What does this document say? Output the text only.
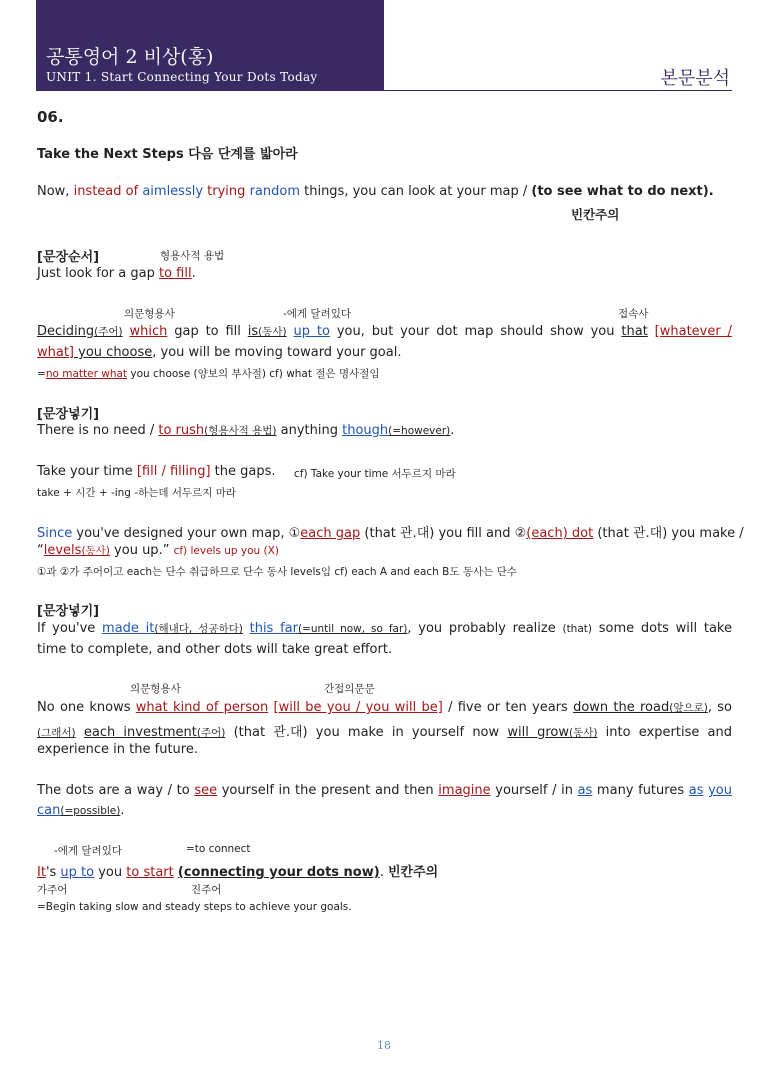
공통영어 2 비상(홍)
UNIT 1. Start Connecting Your Dots Today	본문분석
06.
Take the Next Steps 다음 단계를 밟아라
Now, instead of aimlessly trying random things, you can look at your map / (to see what to do next).
빈칸주의
[문장순서]	형용사적 용법
Just look for a gap to fill.
의문형용사	-에게 달려있다	접속사
Deciding(주어) which gap to fill is(동사) up to you, but your dot map should show you that [whatever /
what] you choose, you will be moving toward your goal.
=no matter what you choose (양보의 부사절) cf) what 절은 명사절임
[문장넣기]
There is no need / to rush(형용사적 용법) anything though(=however).
Take your time [fill / filling] the gaps.	cf) Take your time 서두르지 마라
take + 시간 + -ing -하는데 서두르지 마라
Since you've designed your own map, ①each gap (that 관.대) you fill and ②(each) dot (that 관.대) you make /
“levels(동사) you up.” cf) levels up you (X)
①과 ②가 주어이고 each는 단수 취급하므로 단수 동사 levels임 cf) each A and each B도 동사는 단수
[문장넣기]
If you've made it(해내다, 성공하다) this far(=until now, so far), you probably realize (that) some dots will take
time to complete, and other dots will take great effort.
의문형용사	간접의문문
No one knows what kind of person [will be you / you will be] / five or ten years down the road(앞으로), so
(그래서) each investment(주어) (that 관.대) you make in yourself now will grow(동사) into expertise and
experience in the future.
The dots are a way / to see yourself in the present and then imagine yourself / in as many futures as you
can(=possible).
-에게 달려있다	=to connect
It's up to you to start (connecting your dots now). 빈칸주의
가주어	진주어
=Begin taking slow and steady steps to achieve your goals.
18
